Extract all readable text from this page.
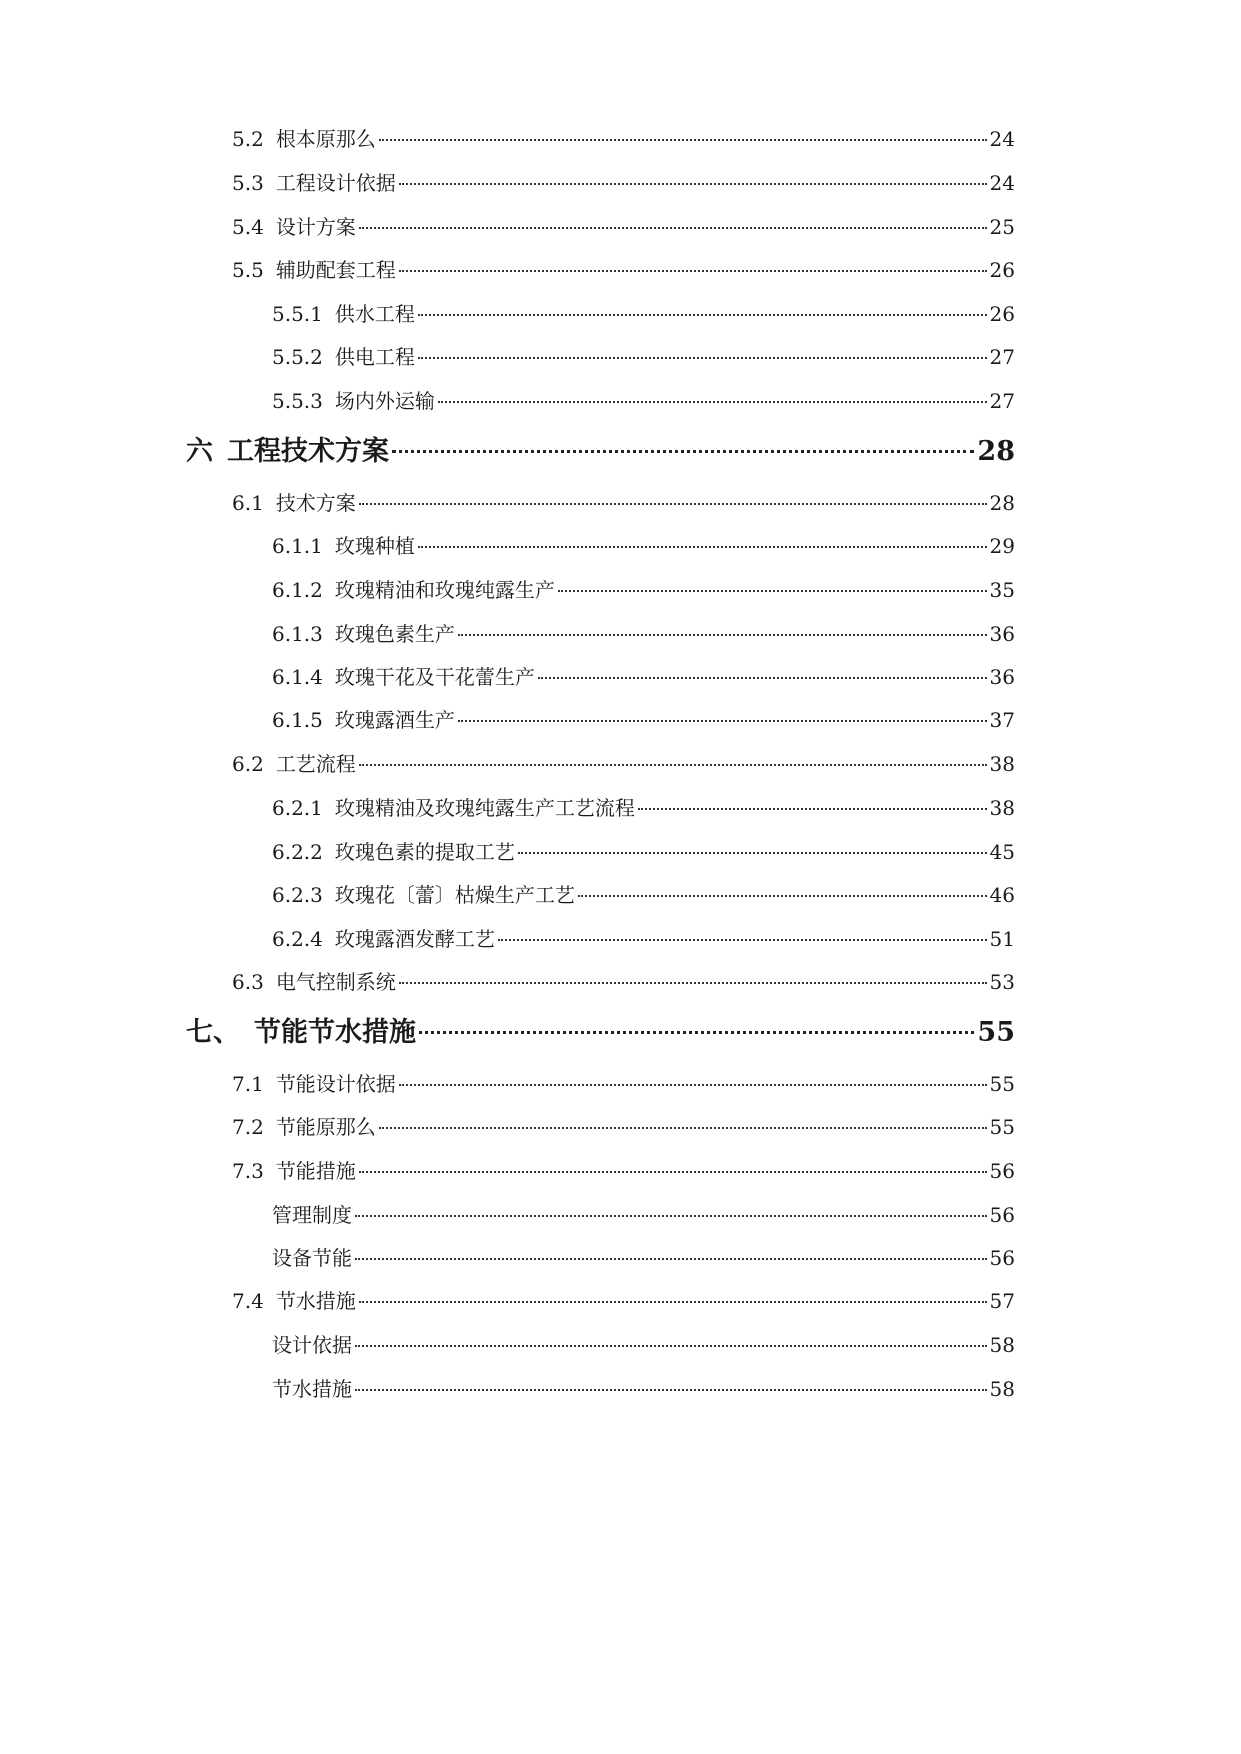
5.2 根本原那么	24
5.3 工程设计依据	24
5.4 设计方案	25
5.5 辅助配套工程	26
5.5.1 供水工程	26
5.5.2 供电工程	27
5.5.3 场内外运输	27
六 工程技术方案	28
6.1 技术方案	28
6.1.1 玫瑰种植	29
6.1.2 玫瑰精油和玫瑰纯露生产	35
6.1.3 玫瑰色素生产	36
6.1.4 玫瑰干花及干花蕾生产	36
6.1.5 玫瑰露酒生产	37
6.2 工艺流程	38
6.2.1 玫瑰精油及玫瑰纯露生产工艺流程	38
6.2.2 玫瑰色素的提取工艺	45
6.2.3 玫瑰花〔蕾〕枯燥生产工艺	46
6.2.4 玫瑰露酒发酵工艺	51
6.3 电气控制系统	53
七、 节能节水措施	55
7.1 节能设计依据	55
7.2 节能原那么	55
7.3 节能措施	56
管理制度	56
设备节能	56
7.4 节水措施	57
设计依据	58
节水措施	58
